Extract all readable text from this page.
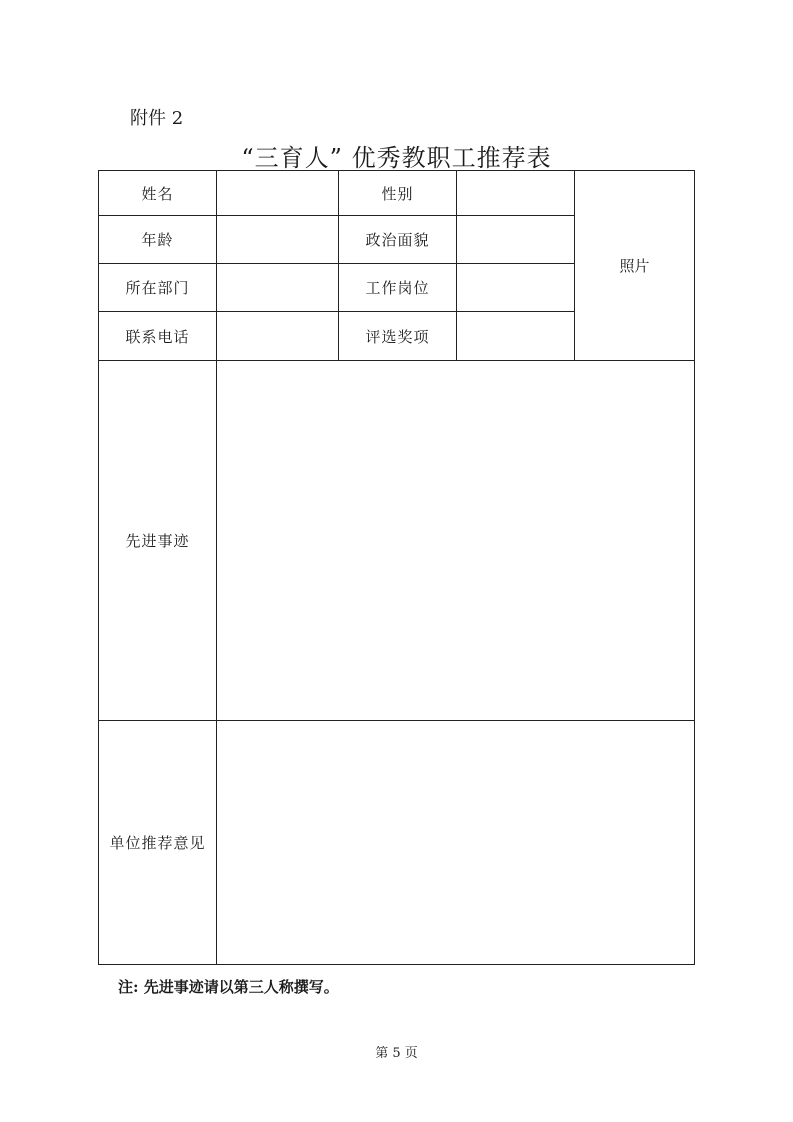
附件 2
“三育人” 优秀教职工推荐表
姓名		性别		照片
年龄		政治面貌		
所在部门		工作岗位		
联系电话		评选奖项		
先进事迹				
单位推荐意见				
注: 先进事迹请以第三人称撰写。
第 5 页
